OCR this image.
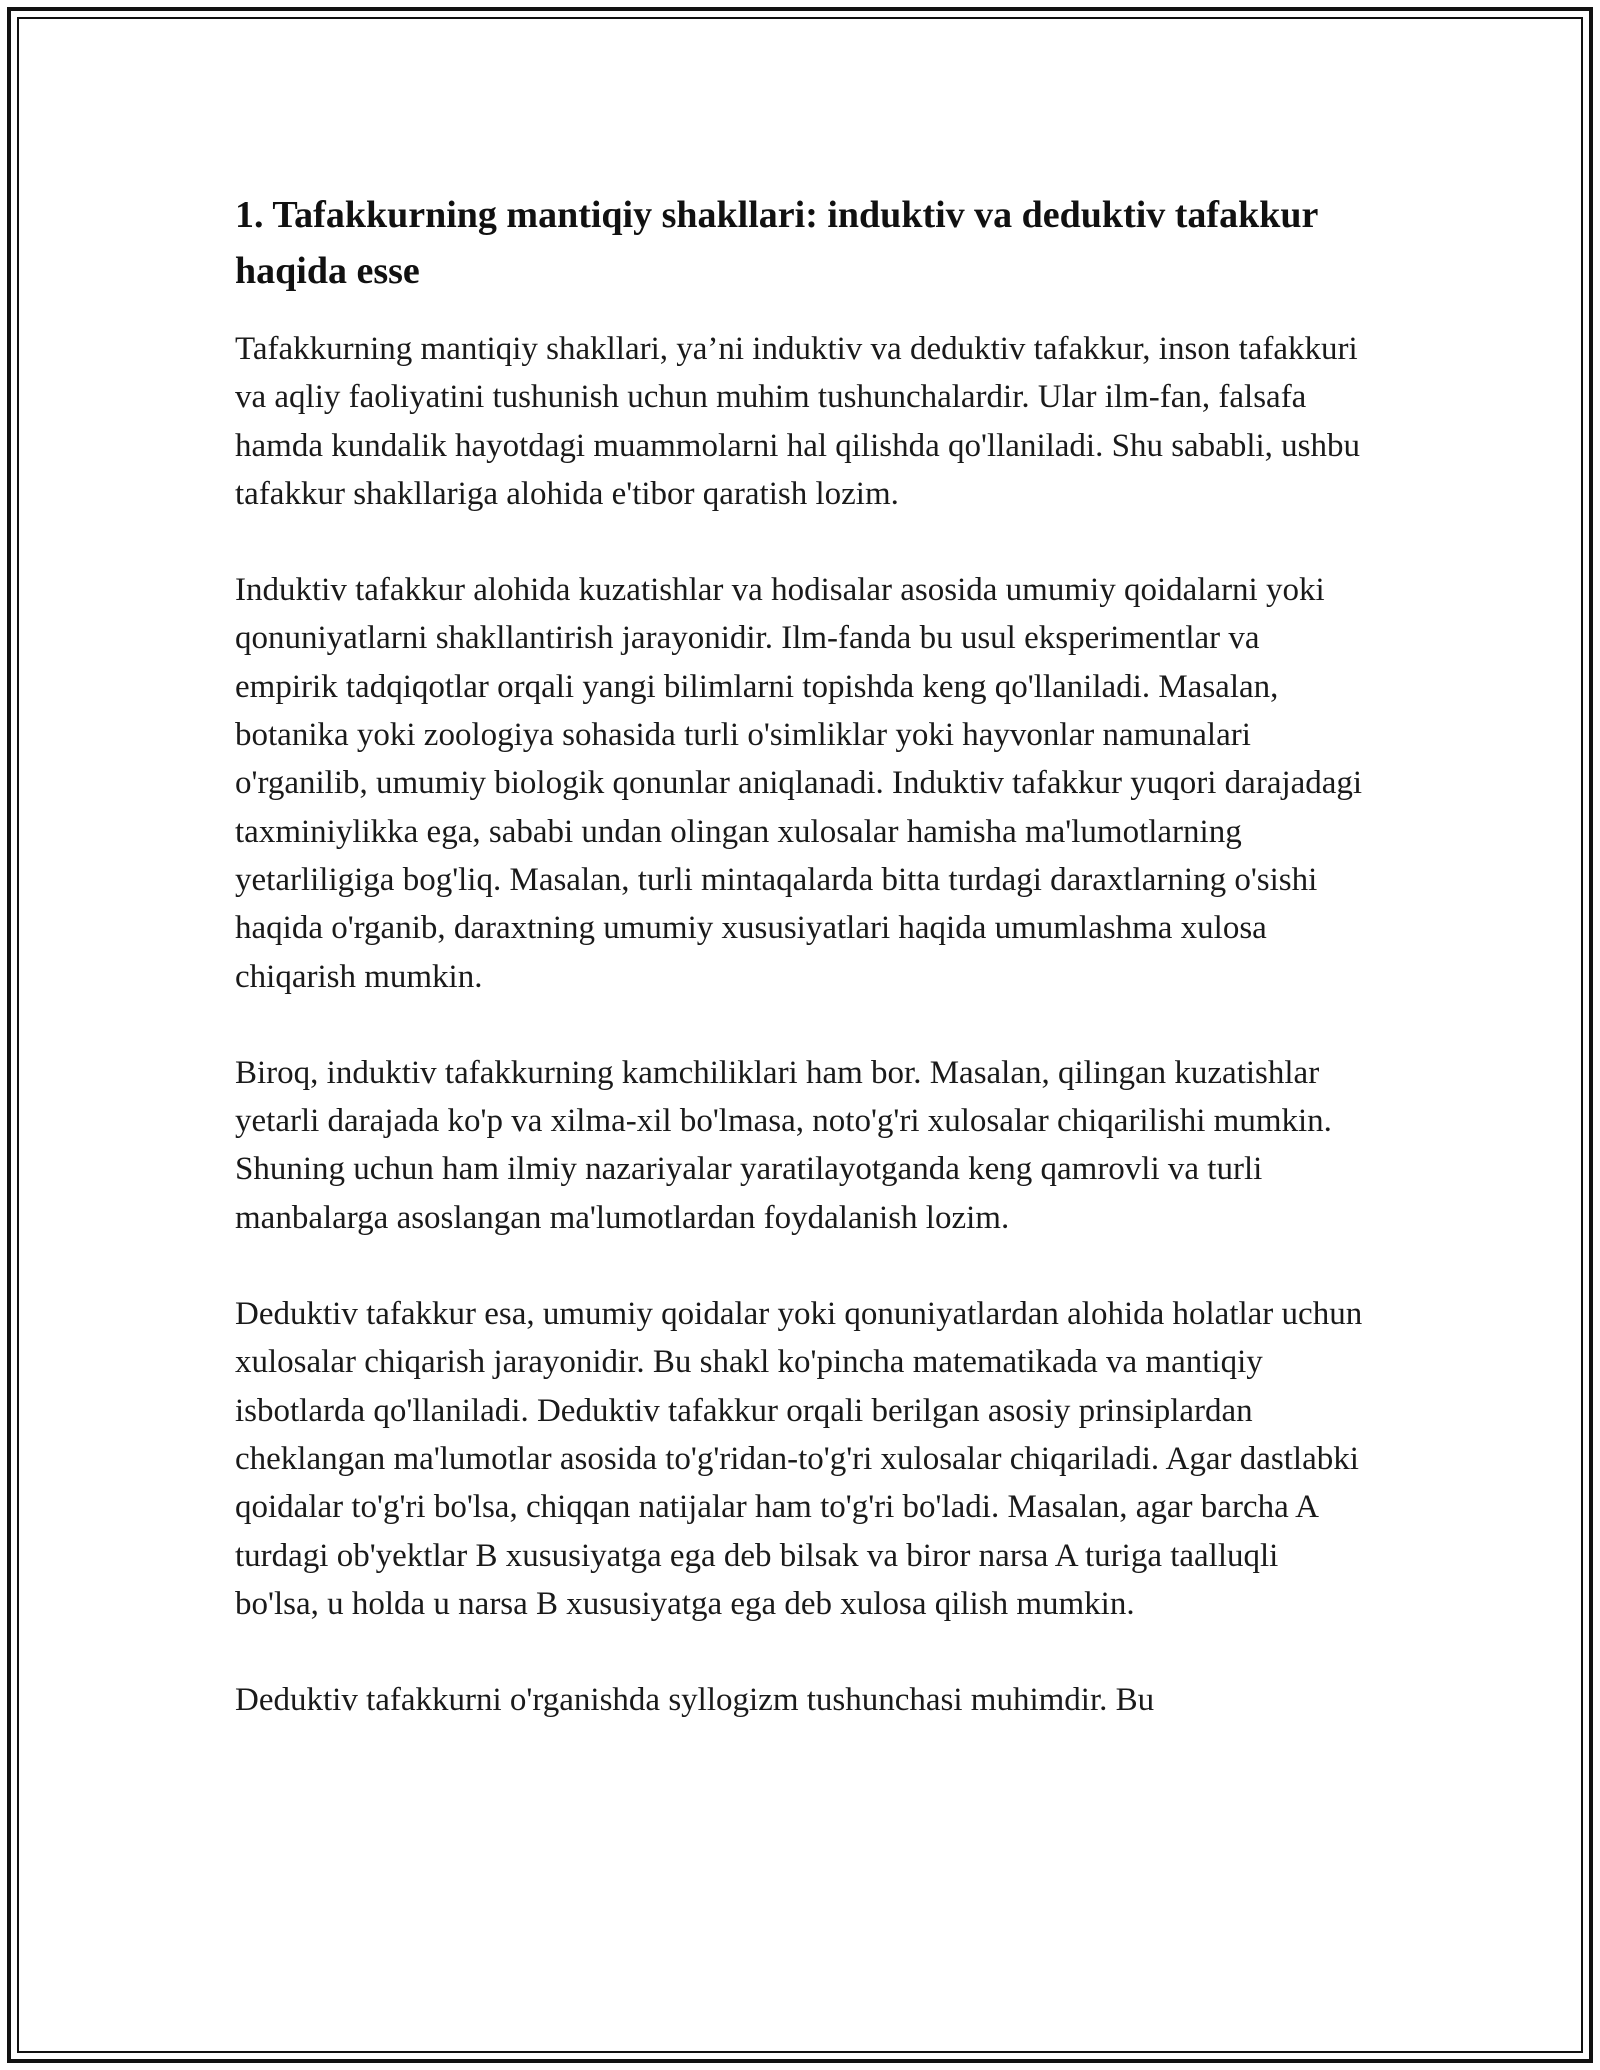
1. Tafakkurning mantiqiy shakllari: induktiv va deduktiv tafakkur haqida esse

Tafakkurning mantiqiy shakllari, ya’ni induktiv va deduktiv tafakkur, inson tafakkuri va aqliy faoliyatini tushunish uchun muhim tushunchalardir. Ular ilm-fan, falsafa hamda kundalik hayotdagi muammolarni hal qilishda qo'llaniladi. Shu sababli, ushbu tafakkur shakllariga alohida e'tibor qaratish lozim.

Induktiv tafakkur alohida kuzatishlar va hodisalar asosida umumiy qoidalarni yoki qonuniyatlarni shakllantirish jarayonidir. Ilm-fanda bu usul eksperimentlar va empirik tadqiqotlar orqali yangi bilimlarni topishda keng qo'llaniladi. Masalan, botanika yoki zoologiya sohasida turli o'simliklar yoki hayvonlar namunalari o'rganilib, umumiy biologik qonunlar aniqlanadi. Induktiv tafakkur yuqori darajadagi taxminiylikka ega, sababi undan olingan xulosalar hamisha ma'lumotlarning yetarliligiga bog'liq. Masalan, turli mintaqalarda bitta turdagi daraxtlarning o'sishi haqida o'rganib, daraxtning umumiy xususiyatlari haqida umumlashma xulosa chiqarish mumkin.

Biroq, induktiv tafakkurning kamchiliklari ham bor. Masalan, qilingan kuzatishlar yetarli darajada ko'p va xilma-xil bo'lmasa, noto'g'ri xulosalar chiqarilishi mumkin. Shuning uchun ham ilmiy nazariyalar yaratilayotganda keng qamrovli va turli manbalarga asoslangan ma'lumotlardan foydalanish lozim.

Deduktiv tafakkur esa, umumiy qoidalar yoki qonuniyatlardan alohida holatlar uchun xulosalar chiqarish jarayonidir. Bu shakl ko'pincha matematikada va mantiqiy isbotlarda qo'llaniladi. Deduktiv tafakkur orqali berilgan asosiy prinsiplardan cheklangan ma'lumotlar asosida to'g'ridan-to'g'ri xulosalar chiqariladi. Agar dastlabki qoidalar to'g'ri bo'lsa, chiqqan natijalar ham to'g'ri bo'ladi. Masalan, agar barcha A turdagi ob'yektlar B xususiyatga ega deb bilsak va biror narsa A turiga taalluqli bo'lsa, u holda u narsa B xususiyatga ega deb xulosa qilish mumkin.

Deduktiv tafakkurni o'rganishda syllogizm tushunchasi muhimdir. Bu
